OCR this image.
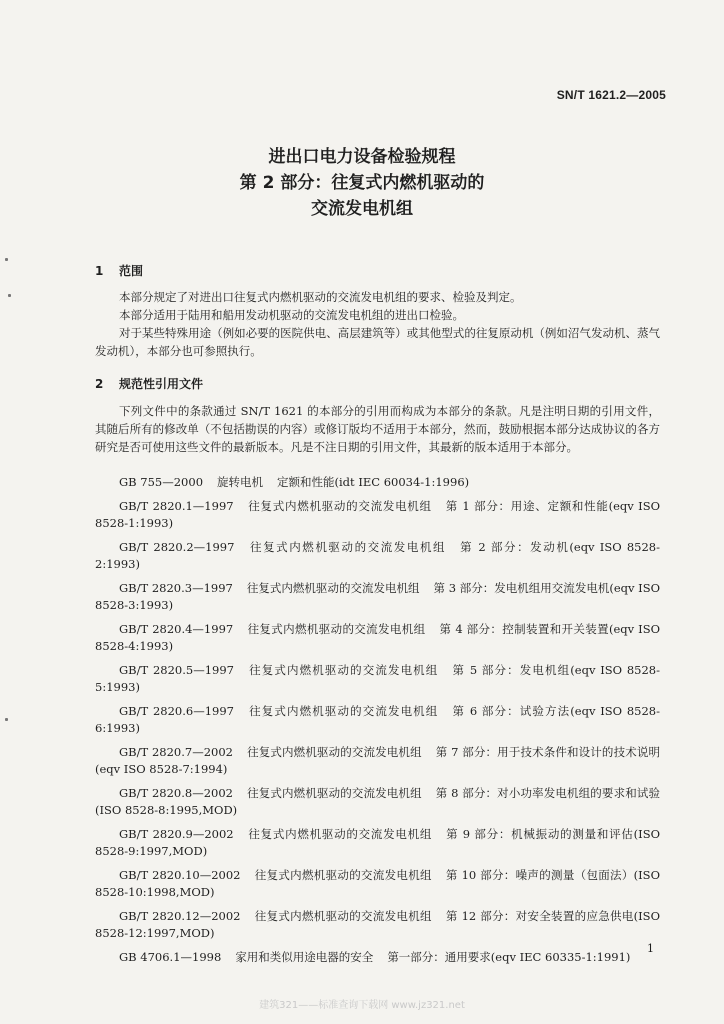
SN/T 1621.2—2005
进出口电力设备检验规程
第 2 部分：往复式内燃机驱动的
交流发电机组
1 范围
本部分规定了对进出口往复式内燃机驱动的交流发电机组的要求、检验及判定。
本部分适用于陆用和船用发动机驱动的交流发电机组的进出口检验。
对于某些特殊用途（例如必要的医院供电、高层建筑等）或其他型式的往复原动机（例如沼气发动机、蒸气发动机），本部分也可参照执行。
2 规范性引用文件
下列文件中的条款通过 SN/T 1621 的本部分的引用而构成为本部分的条款。凡是注明日期的引用文件，其随后所有的修改单（不包括勘误的内容）或修订版均不适用于本部分，然而，鼓励根据本部分达成协议的各方研究是否可使用这些文件的最新版本。凡是不注日期的引用文件，其最新的版本适用于本部分。
GB 755—2000 旋转电机 定额和性能(idt IEC 60034-1:1996)
GB/T 2820.1—1997 往复式内燃机驱动的交流发电机组 第 1 部分：用途、定额和性能(eqv ISO 8528-1:1993)
GB/T 2820.2—1997 往复式内燃机驱动的交流发电机组 第 2 部分：发动机(eqv ISO 8528-2:1993)
GB/T 2820.3—1997 往复式内燃机驱动的交流发电机组 第 3 部分：发电机组用交流发电机(eqv ISO 8528-3:1993)
GB/T 2820.4—1997 往复式内燃机驱动的交流发电机组 第 4 部分：控制装置和开关装置(eqv ISO 8528-4:1993)
GB/T 2820.5—1997 往复式内燃机驱动的交流发电机组 第 5 部分：发电机组(eqv ISO 8528-5:1993)
GB/T 2820.6—1997 往复式内燃机驱动的交流发电机组 第 6 部分：试验方法(eqv ISO 8528-6:1993)
GB/T 2820.7—2002 往复式内燃机驱动的交流发电机组 第 7 部分：用于技术条件和设计的技术说明(eqv ISO 8528-7:1994)
GB/T 2820.8—2002 往复式内燃机驱动的交流发电机组 第 8 部分：对小功率发电机组的要求和试验(ISO 8528-8:1995,MOD)
GB/T 2820.9—2002 往复式内燃机驱动的交流发电机组 第 9 部分：机械振动的测量和评估(ISO 8528-9:1997,MOD)
GB/T 2820.10—2002 往复式内燃机驱动的交流发电机组 第 10 部分：噪声的测量（包面法）(ISO 8528-10:1998,MOD)
GB/T 2820.12—2002 往复式内燃机驱动的交流发电机组 第 12 部分：对安全装置的应急供电(ISO 8528-12:1997,MOD)
GB 4706.1—1998 家用和类似用途电器的安全 第一部分：通用要求(eqv IEC 60335-1:1991)
1
建筑321——标准查询下载网 www.jz321.net
